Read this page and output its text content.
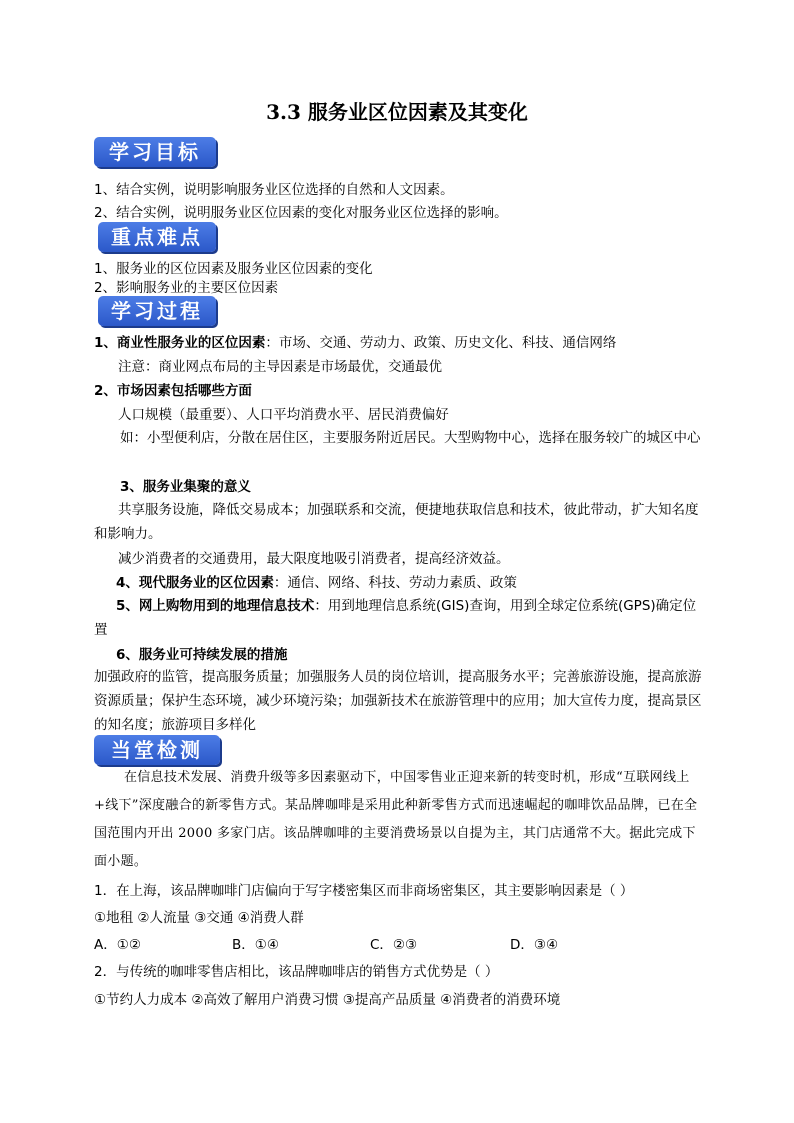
3.3 服务业区位因素及其变化
学习目标
1、结合实例，说明影响服务业区位选择的自然和人文因素。
2、结合实例，说明服务业区位因素的变化对服务业区位选择的影响。
重点难点
1、服务业的区位因素及服务业区位因素的变化
2、影响服务业的主要区位因素
学习过程
1、商业性服务业的区位因素：市场、交通、劳动力、政策、历史文化、科技、通信网络
注意：商业网点布局的主导因素是市场最优，交通最优
2、市场因素包括哪些方面
人口规模（最重要）、人口平均消费水平、居民消费偏好
如：小型便利店，分散在居住区，主要服务附近居民。大型购物中心，选择在服务较广的城区中心
3、服务业集聚的意义
共享服务设施，降低交易成本；加强联系和交流，便捷地获取信息和技术，彼此带动，扩大知名度和影响力。
减少消费者的交通费用，最大限度地吸引消费者，提高经济效益。
4、现代服务业的区位因素：通信、网络、科技、劳动力素质、政策
5、网上购物用到的地理信息技术：用到地理信息系统(GIS)查询，用到全球定位系统(GPS)确定位置
6、服务业可持续发展的措施
加强政府的监管，提高服务质量；加强服务人员的岗位培训，提高服务水平；完善旅游设施，提高旅游资源质量；保护生态环境，减少环境污染；加强新技术在旅游管理中的应用；加大宣传力度，提高景区的知名度；旅游项目多样化
当堂检测
在信息技术发展、消费升级等多因素驱动下，中国零售业正迎来新的转变时机，形成“互联网线上+线下”深度融合的新零售方式。某品牌咖啡是采用此种新零售方式而迅速崛起的咖啡饮品品牌，已在全国范围内开出 2000 多家门店。该品牌咖啡的主要消费场景以自提为主，其门店通常不大。据此完成下面小题。
1．在上海，该品牌咖啡门店偏向于写字楼密集区而非商场密集区，其主要影响因素是（ ）
①地租 ②人流量 ③交通 ④消费人群
A．①②	B．①④	C．②③	D．③④
2．与传统的咖啡零售店相比，该品牌咖啡店的销售方式优势是（ ）
①节约人力成本 ②高效了解用户消费习惯 ③提高产品质量 ④消费者的消费环境
